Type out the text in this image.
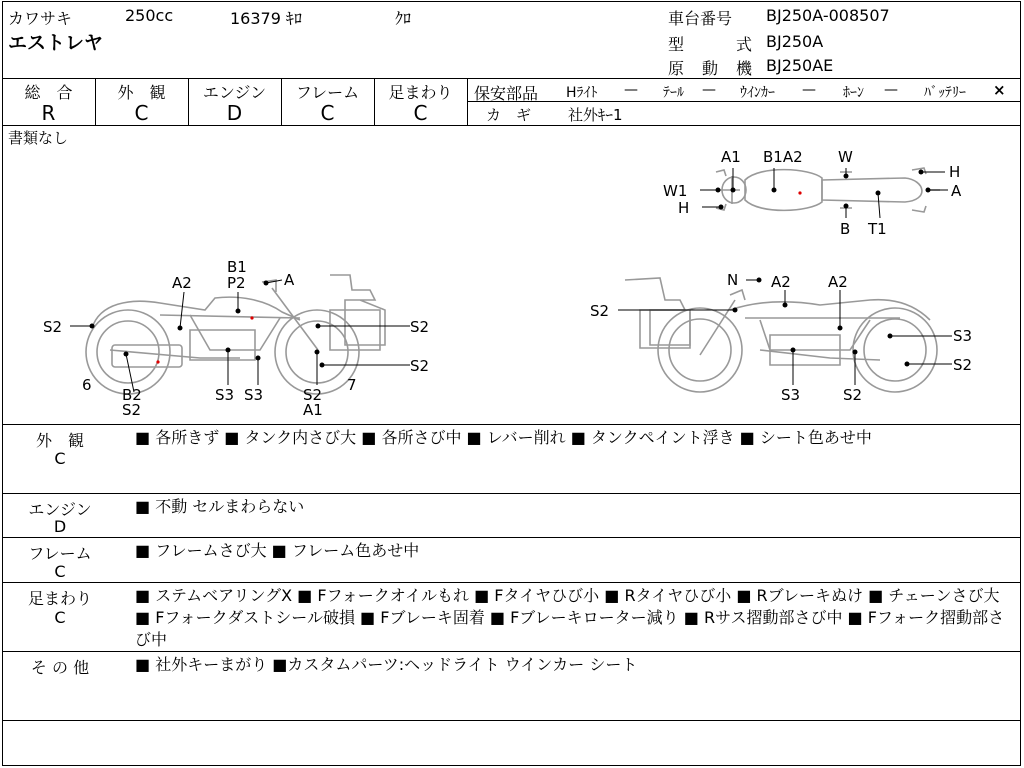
カワサキ	250cc	16379 ｷﾛ	ｸﾛ
エストレヤ
車台番号 BJ250A-008507
型	式 BJ250A
原 動 機 BJ250AE
総　合
R
外　観
C
エンジン
D
フレーム
C
足まわり
C
保安部品 Hﾗｲﾄ — ﾃｰﾙ — ｳｲﾝｶｰ — ﾎｰﾝ — ﾊﾞｯﾃﾘｰ ×
カ　ギ 社外ｷｰ1
書類なし
A1 B1A2 W
H
W1	A
H
B T1
B1
P2	A
A2
S2	S2
S2
6
B2
S2
S3 S3	S2
A1
7
N A2 A2
S2
S3
S2
S3	S2
外　観
C
■ 各所きず ■ タンク内さび大 ■ 各所さび中 ■ レバー削れ ■ タンクペイント浮き ■ シート色あせ中
エンジン
D
■ 不動 セルまわらない
フレーム
C
■ フレームさび大 ■ フレーム色あせ中
足まわり
C
■ ステムベアリングX ■ Fフォークオイルもれ ■ Fタイヤひび小 ■ Rタイヤひび小 ■ Rブレーキぬけ ■ チェーンさび大 ■ Fフォークダストシール破損 ■ Fブレーキ固着 ■ Fブレーキローター減り ■ Rサス摺動部さび中 ■ Fフォーク摺動部さび中
そ の 他	■ 社外キーまがり ■カスタムパーツ:ヘッドライト ウインカー シート
